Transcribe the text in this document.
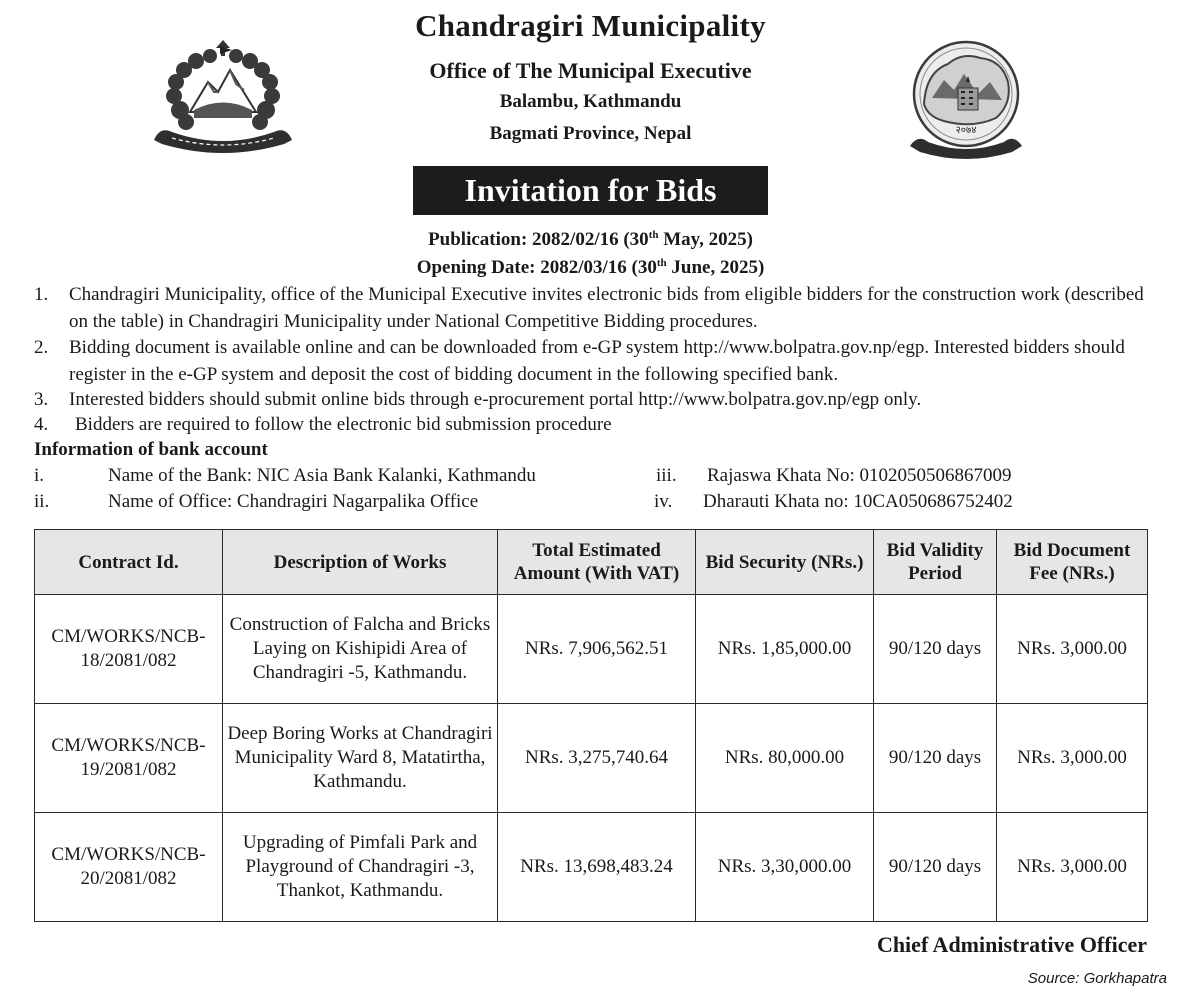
Chandragiri Municipality
Office of The Municipal Executive
Balambu, Kathmandu
Bagmati Province, Nepal	२०७४
Invitation for Bids
Publication: 2082/02/16 (30th May, 2025)
Opening Date: 2082/03/16 (30th June, 2025)
1. Chandragiri Municipality, office of the Municipal Executive invites electronic bids from eligible bidders for the construction work (described on the table) in Chandragiri Municipality under National Competitive Bidding procedures.
2. Bidding document is available online and can be downloaded from e-GP system http://www.bolpatra.gov.np/egp. Interested bidders should register in the e-GP system and deposit the cost of bidding document in the following specified bank.
3. Interested bidders should submit online bids through e-procurement portal http://www.bolpatra.gov.np/egp only.
4. Bidders are required to follow the electronic bid submission procedure
Information of bank account
i.	Name of the Bank: NIC Asia Bank Kalanki, Kathmandu
ii.	Name of Office: Chandragiri Nagarpalika Office
iii. Rajaswa Khata No: 0102050506867009
iv. Dharauti Khata no: 10CA050686752402
Contract Id.	Description of Works	Total Estimated Amount (With VAT)	Bid Security (NRs.)	Bid Validity Period	Bid Document Fee (NRs.)
CM/WORKS/NCB-18/2081/082	Construction of Falcha and Bricks Laying on Kishipidi Area of Chandragiri -5, Kathmandu.	NRs. 7,906,562.51	NRs. 1,85,000.00	90/120 days	NRs. 3,000.00
CM/WORKS/NCB-19/2081/082	Deep Boring Works at Chandragiri Municipality Ward 8, Matatirtha, Kathmandu.	NRs. 3,275,740.64	NRs. 80,000.00	90/120 days	NRs. 3,000.00
CM/WORKS/NCB-20/2081/082	Upgrading of Pimfali Park and Playground of Chandragiri -3, Thankot, Kathmandu.	NRs. 13,698,483.24	NRs. 3,30,000.00	90/120 days	NRs. 3,000.00
Chief Administrative Officer
Source: Gorkhapatra
